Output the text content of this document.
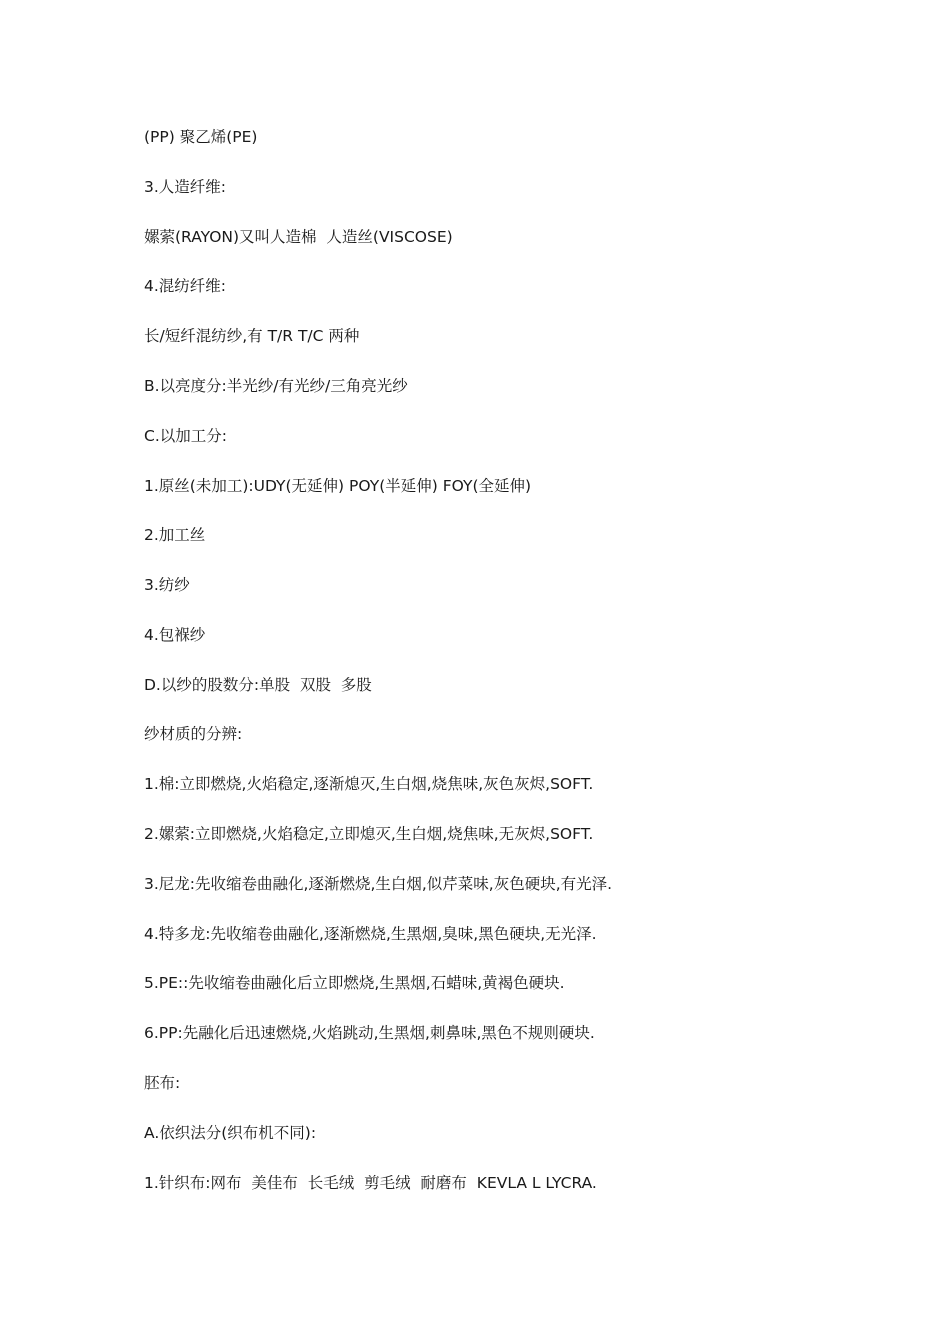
(PP) 聚乙烯(PE)
3.人造纤维:
嫘萦(RAYON)又叫人造棉  人造丝(VISCOSE)
4.混纺纤维:
长/短纤混纺纱,有 T/R T/C 两种
B.以亮度分:半光纱/有光纱/三角亮光纱
C.以加工分:
1.原丝(未加工):UDY(无延伸) POY(半延伸) FOY(全延伸)
2.加工丝
3.纺纱
4.包褓纱
D.以纱的股数分:单股  双股  多股
纱材质的分辨:
1.棉:立即燃烧,火焰稳定,逐渐熄灭,生白烟,烧焦味,灰色灰烬,SOFT.
2.嫘萦:立即燃烧,火焰稳定,立即熄灭,生白烟,烧焦味,无灰烬,SOFT.
3.尼龙:先收缩卷曲融化,逐渐燃烧,生白烟,似芹菜味,灰色硬块,有光泽.
4.特多龙:先收缩卷曲融化,逐渐燃烧,生黑烟,臭味,黑色硬块,无光泽.
5.PE::先收缩卷曲融化后立即燃烧,生黑烟,石蜡味,黄褐色硬块.
6.PP:先融化后迅速燃烧,火焰跳动,生黑烟,刺鼻味,黑色不规则硬块.
胚布:
A.依织法分(织布机不同):
1.针织布:网布  美佳布  长毛绒  剪毛绒  耐磨布  KEVLA L LYCRA.
